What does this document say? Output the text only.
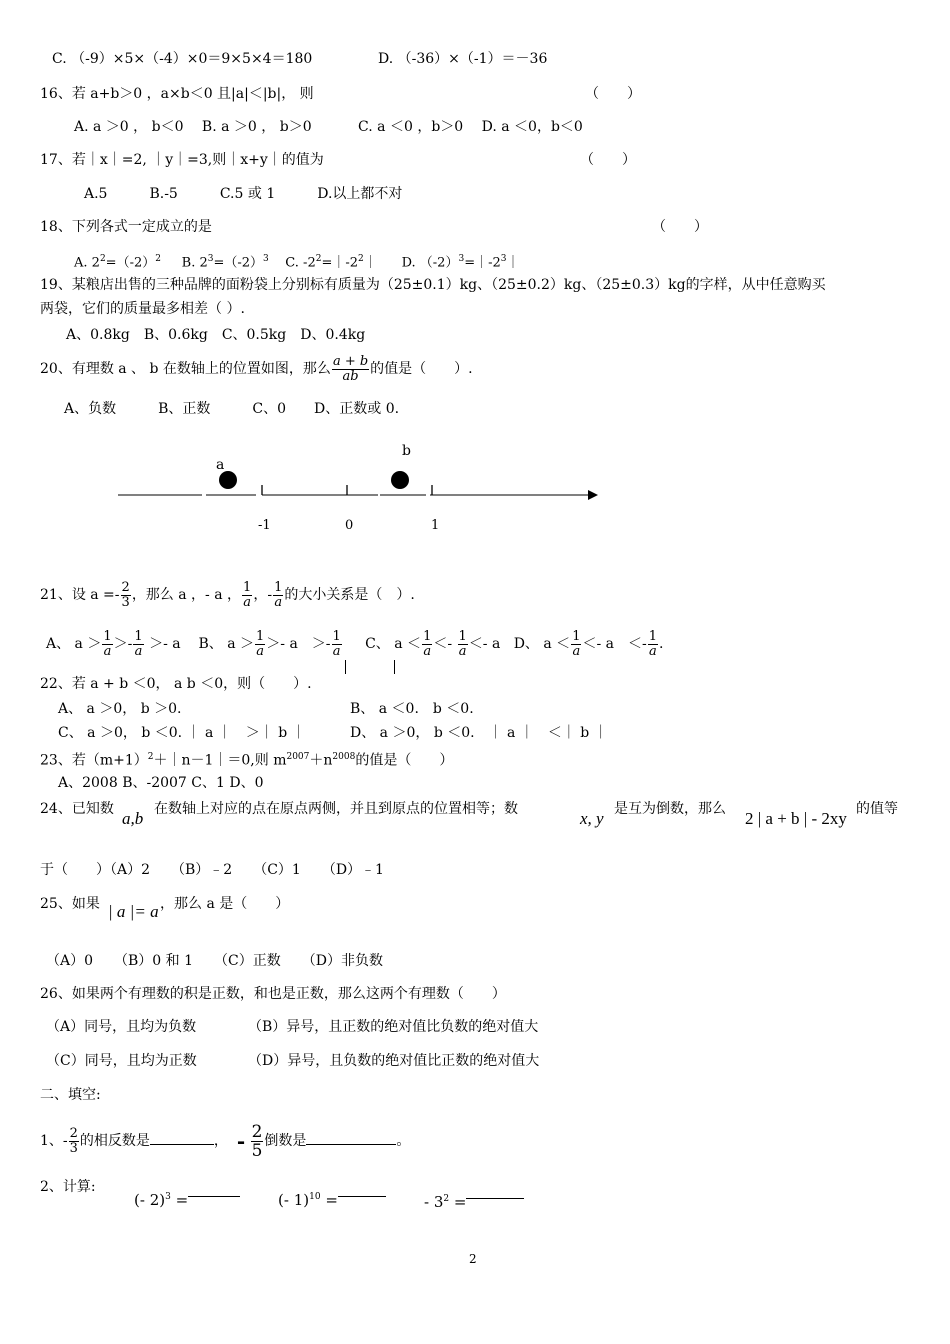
C. （-9）×5×（-4）×0＝9×5×4＝180	D. （-36）×（-1）＝－36
16、若 a+b＞0 ，a×b＜0 且|a|＜|b|， 则	（　　）
A. a ＞0 ， b＜0 　B. a ＞0 ， b＞0 　　　C. a ＜0 ，b＞0 　D. a ＜0，b＜0
17、若｜x｜=2, ｜y｜=3,则｜x+y｜的值为	（　　）
A.5　　　B.-5　　　C.5 或 1　　　D.以上都不对
18、下列各式一定成立的是	（　　）
A. $2^2=(-2)^2$ B. $2^3=(-2)^3$ C. $-2^2=|-2^2|$ D. $(-2)^3=|-2^3|$
19、某粮店出售的三种品牌的面粉袋上分别标有质量为（25±0.1）kg、（25±0.2）kg、（25±0.3）kg的字样，从中任意购买
两袋，它们的质量最多相差（ ）.
A、0.8kg　B、0.6kg　C、0.5kg　D、0.4kg
20、有理数 a 、 b 在数轴上的位置如图，那么 $\frac{a + b}{ab}$ 的值是（　　）.
A、负数　　　B、正数　　　C、0　　D、正数或 0.
a
b
-1	0	1
21、设 $a =- \frac{2}{3}$ ，那么 a ，- a ， $\frac{1}{a}$ ，- $\frac{1}{a}$ 的大小关系是（　）.
A、 $a > \frac{1}{a} >- \frac{1}{a} >- a$ B、 $a > \frac{1}{a} >- a$　＞- $\frac{1}{a}$ C、 $a < \frac{1}{a} <- \frac{1}{a} <- a$ D、 $a < \frac{1}{a} <- a$　＜- $\frac{1}{a}$ .
22、若 a + b ＜0， a b ＜0，则（　　）.
A、 a ＞0， b ＞0.	B、 a ＜0.　b ＜0.
C、 a ＞0， b ＜0. ｜ a ｜　＞｜ b ｜	D、 a ＞0， b ＜0.　｜ a ｜　＜｜ b ｜
23、若$(m+1)^2+|n-1|=0$,则 $m^{2007}+n^{2008}$的值是（　　）
A、2008 B、-2007 C、1 D、0
24、已知数 a,b 在数轴上对应的点在原点两侧，并且到原点的位置相等；数	x, y 是互为倒数，那么 2 | a + b | - 2xy 的值等
于（　　）（A）2　　（B）﹣2　　（C）1　　（D）﹣1
25、如果 | a |= a ，那么 a 是（　　）
（A）0　　（B）0 和 1　　（C）正数　　（D）非负数
26、如果两个有理数的积是正数，和也是正数，那么这两个有理数（　　）
（A）同号，且均为负数	（B）异号，且正数的绝对值比负数的绝对值大
（C）同号，且均为正数	（D）异号，且负数的绝对值比正数的绝对值大
二、填空:
1、- $\frac{2}{3}$ 的相反数是	， - $\frac{2}{5}$ 倒数是	。
2、计算:
(- 2)$^3$ =	(- 1)$^{10}$ =	- $3^2$ =
2
